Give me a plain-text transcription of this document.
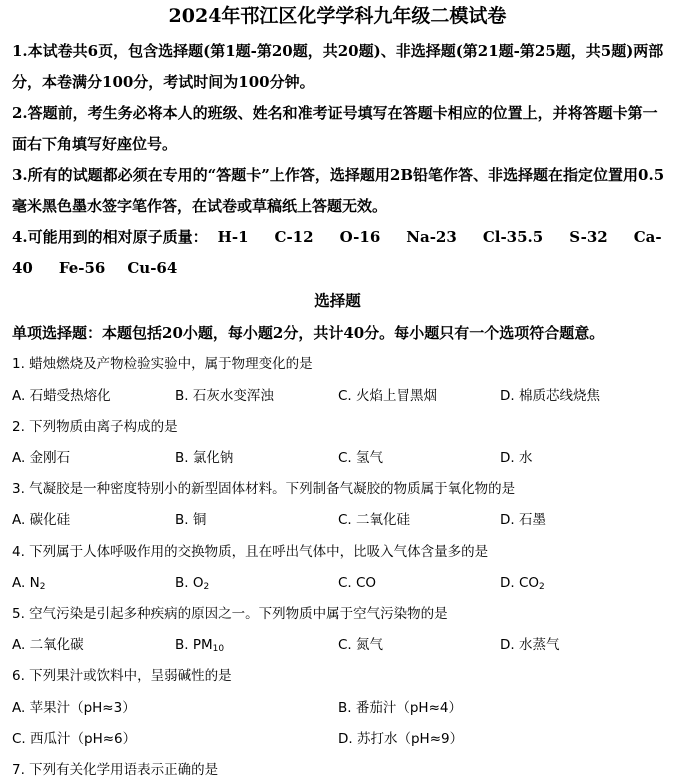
2024年邗江区化学学科九年级二模试卷

1.本试卷共6页，包含选择题(第1题-第20题，共20题)、非选择题(第21题-第25题，共5题)两部分，本卷满分100分，考试时间为100分钟。

2.答题前，考生务必将本人的班级、姓名和准考证号填写在答题卡相应的位置上，并将答题卡第一面右下角填写好座位号。

3.所有的试题都必须在专用的“答题卡”上作答，选择题用2B铅笔作答、非选择题在指定位置用0.5毫米黑色墨水签字笔作答，在试卷或草稿纸上答题无效。

4.可能用到的相对原子质量： H-1 C-12 O-16 Na-23 Cl-35.5 S-32 Ca-40 Fe-56 Cu-64

选择题
单项选择题：本题包括20小题，每小题2分，共计40分。每小题只有一个选项符合题意。
1. 蜡烛燃烧及产物检验实验中，属于物理变化的是
A. 石蜡受热熔化	B. 石灰水变浑浊	C. 火焰上冒黑烟	D. 棉质芯线烧焦
2. 下列物质由离子构成的是
A. 金刚石	B. 氯化钠	C. 氢气	D. 水
3. 气凝胶是一种密度特别小的新型固体材料。下列制备气凝胶的物质属于氧化物的是
A. 碳化硅	B. 铜	C. 二氧化硅	D. 石墨
4. 下列属于人体呼吸作用的交换物质，且在呼出气体中，比吸入气体含量多的是
A. $N_2$	B. $O_2$	C. CO	D. $CO_2$
5. 空气污染是引起多种疾病的原因之一。下列物质中属于空气污染物的是
A. 二氧化碳	B. $PM_{10}$	C. 氮气	D. 水蒸气
6. 下列果汁或饮料中，呈弱碱性的是
A. 苹果汁（pH≈3）	B. 番茄汁（pH≈4）
C. 西瓜汁（pH≈6）	D. 苏打水（pH≈9）
7. 下列有关化学用语表示正确的是
